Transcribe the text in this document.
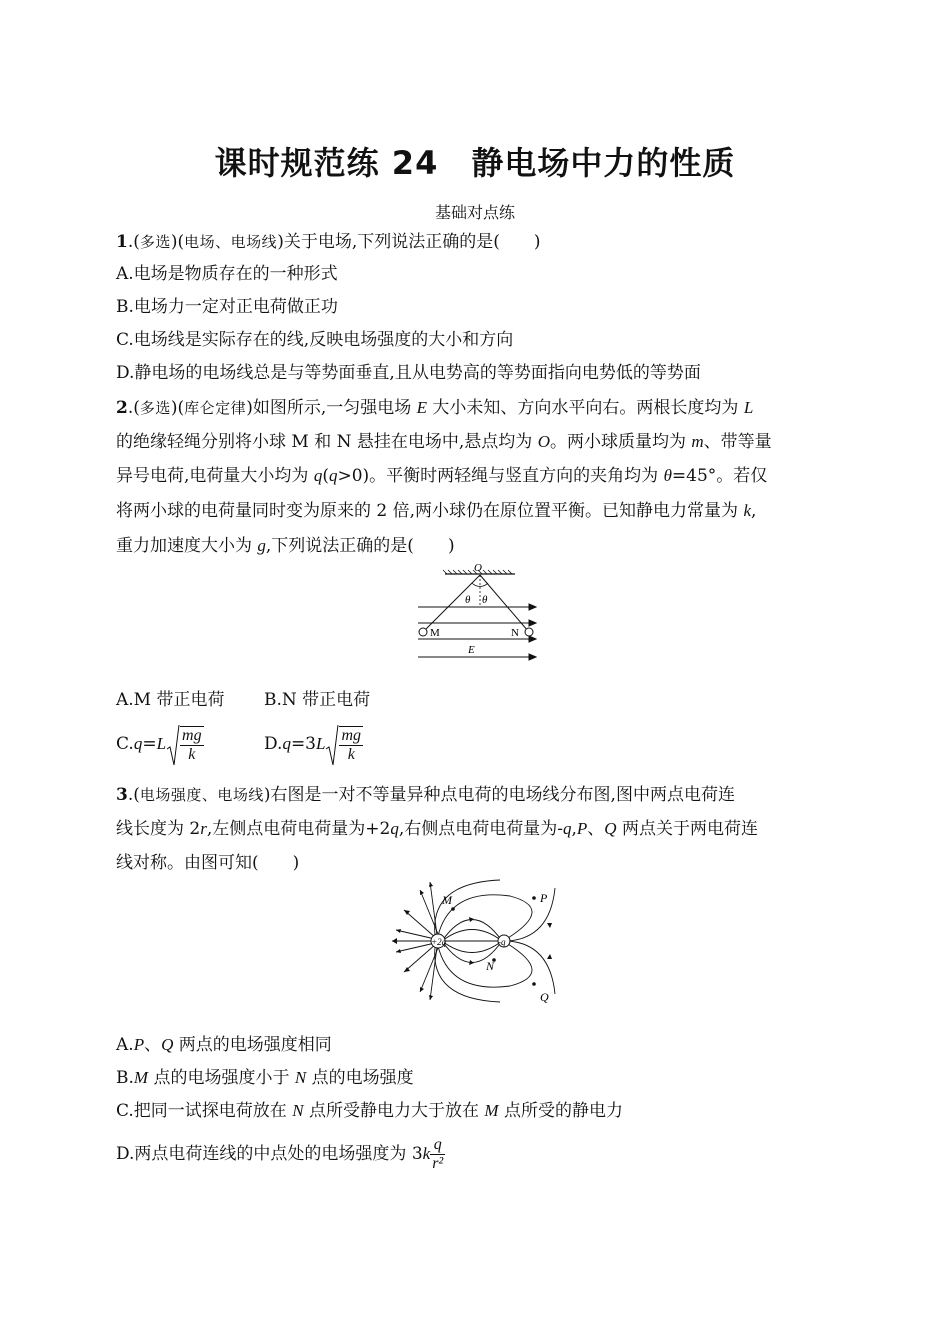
课时规范练 24　静电场中力的性质
基础对点练
1.(多选)(电场、电场线)关于电场,下列说法正确的是(　　)
A.电场是物质存在的一种形式
B.电场力一定对正电荷做正功
C.电场线是实际存在的线,反映电场强度的大小和方向
D.静电场的电场线总是与等势面垂直,且从电势高的等势面指向电势低的等势面
2.(多选)(库仑定律)如图所示,一匀强电场 E 大小未知、方向水平向右。两根长度均为 L
的绝缘轻绳分别将小球 M 和 N 悬挂在电场中,悬点均为 O。两小球质量均为 m、带等量
异号电荷,电荷量大小均为 q(q>0)。平衡时两轻绳与竖直方向的夹角均为 θ=45°。若仅
将两小球的电荷量同时变为原来的 2 倍,两小球仍在原位置平衡。已知静电力常量为 k,
重力加速度大小为 g,下列说法正确的是(　　)
O
θ θ
M	N
E
A.M 带正电荷 B.N 带正电荷
$C.q=L \frac{mg}{k}$	$D.q=3L \frac{mg}{k}$
3.(电场强度、电场线)右图是一对不等量异种点电荷的电场线分布图,图中两点电荷连
线长度为 2r,左侧点电荷电荷量为+2q,右侧点电荷电荷量为-q,P、Q 两点关于两电荷连
线对称。由图可知(　　)
+2q	-q
M	P
N
Q
A.P、Q 两点的电场强度相同
B.M 点的电场强度小于 N 点的电场强度
C.把同一试探电荷放在 N 点所受静电力大于放在 M 点所受的静电力
D.两点电荷连线的中点处的电场强度为 $3k \frac{q}{\text{r²}}$
